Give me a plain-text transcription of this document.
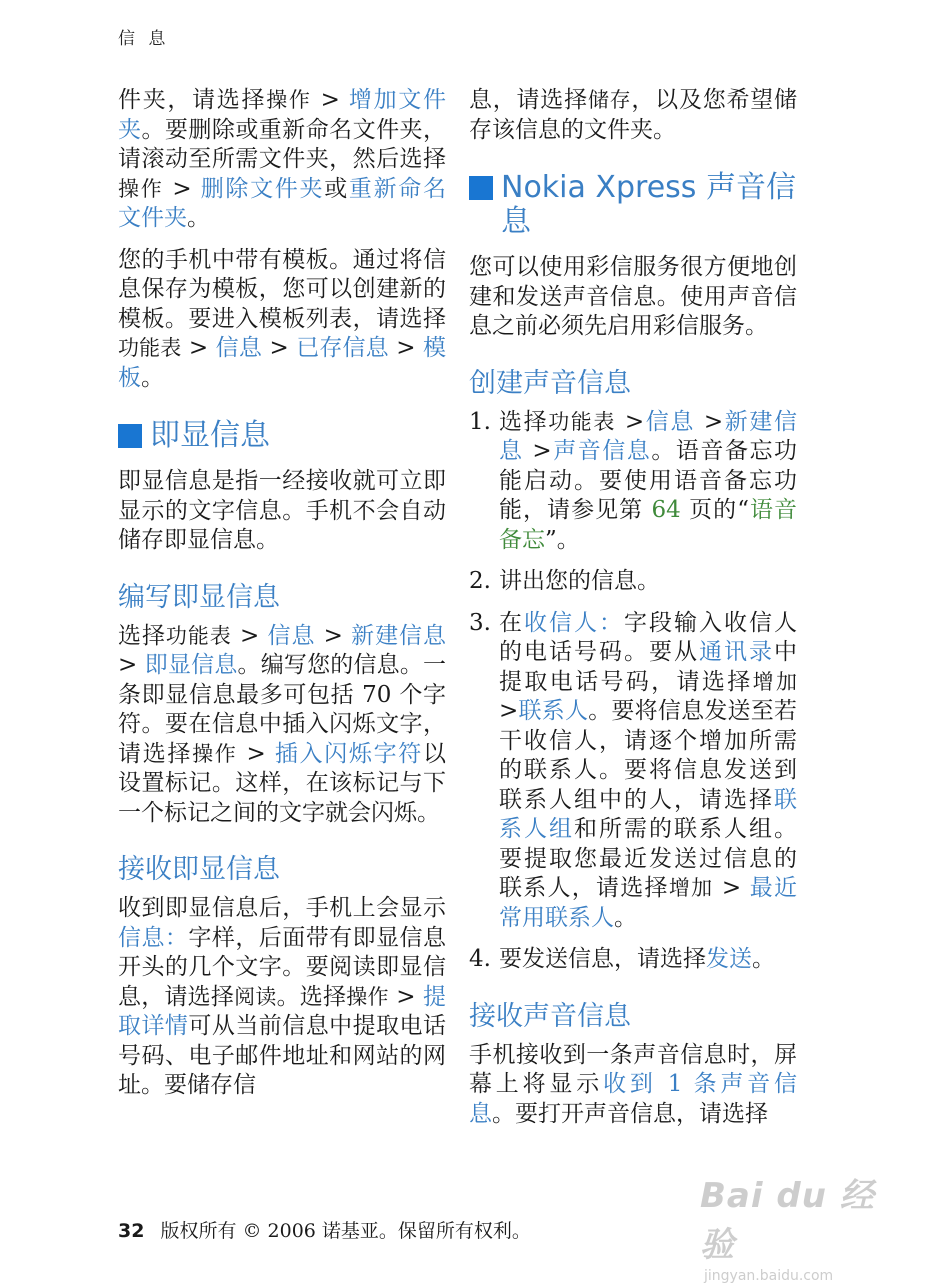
信 息

件夹，请选择操作 > 增加文件夹。要删除或重新命名文件夹，请滚动至所需文件夹，然后选择操作 > 删除文件夹或重新命名文件夹。

您的手机中带有模板。通过将信息保存为模板，您可以创建新的模板。要进入模板列表，请选择功能表 > 信息 > 已存信息 > 模板。

即显信息

即显信息是指一经接收就可立即显示的文字信息。手机不会自动储存即显信息。

编写即显信息

选择功能表 > 信息 > 新建信息 > 即显信息。编写您的信息。一条即显信息最多可包括 70 个字符。要在信息中插入闪烁文字，请选择操作 > 插入闪烁字符以设置标记。这样，在该标记与下一个标记之间的文字就会闪烁。

接收即显信息

收到即显信息后，手机上会显示信息：字样，后面带有即显信息开头的几个文字。要阅读即显信息，请选择阅读。选择操作 > 提取详情可从当前信息中提取电话号码、电子邮件地址和网站的网址。要储存信

息，请选择储存，以及您希望储存该信息的文件夹。

Nokia Xpress 声音信息

您可以使用彩信服务很方便地创建和发送声音信息。使用声音信息之前必须先启用彩信服务。

创建声音信息
1. 选择功能表 >信息 >新建信息 >声音信息。语音备忘功能启动。要使用语音备忘功能，请参见第 64 页的“语音备忘”。
2. 讲出您的信息。
3. 在收信人：字段输入收信人的电话号码。要从通讯录中提取电话号码，请选择增加 >联系人。要将信息发送至若干收信人，请逐个增加所需的联系人。要将信息发送到联系人组中的人，请选择联系人组和所需的联系人组。要提取您最近发送过信息的联系人，请选择增加 > 最近常用联系人。
4. 要发送信息，请选择发送。
接收声音信息

手机接收到一条声音信息时，屏幕上将显示收到 1 条声音信息。要打开声音信息，请选择

32 版权所有 © 2006 诺基亚。保留所有权利。
Bai du 经验
jingyan.baidu.com
